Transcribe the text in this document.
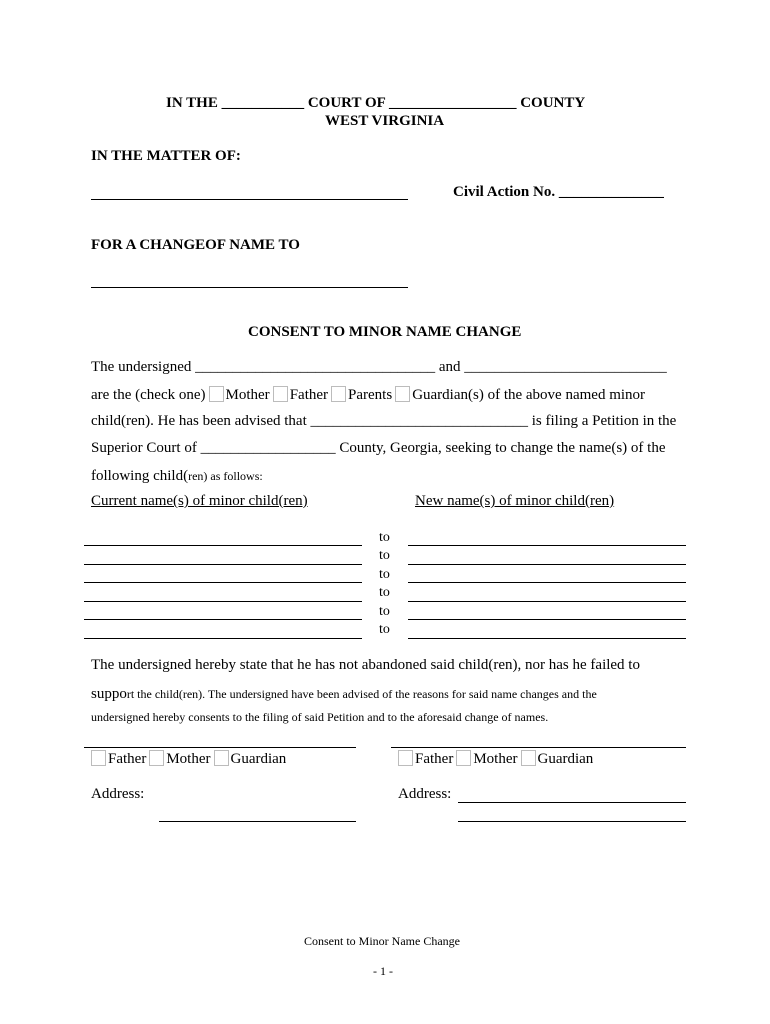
IN THE ___________ COURT OF _________________ COUNTY
WEST VIRGINIA
IN THE MATTER OF:
Civil Action No. ______________
FOR A CHANGEOF NAME TO
CONSENT TO MINOR NAME CHANGE
The undersigned ________________________________ and ___________________________
are the (check one) Mother Father Parents Guardian(s) of the above named minor
child(ren). He has been advised that _____________________________ is filing a Petition in the
Superior Court of __________________ County, Georgia, seeking to change the name(s) of the
following child(ren) as follows:
Current name(s) of minor child(ren)	New name(s) of minor child(ren)
to
to
to
to
to
to
The undersigned hereby state that he has not abandoned said child(ren), nor has he failed to
support the child(ren). The undersigned have been advised of the reasons for said name changes and the
undersigned hereby consents to the filing of said Petition and to the aforesaid change of names.
Father Mother Guardian	Father Mother Guardian
Address:	Address:
Consent to Minor Name Change
- 1 -
